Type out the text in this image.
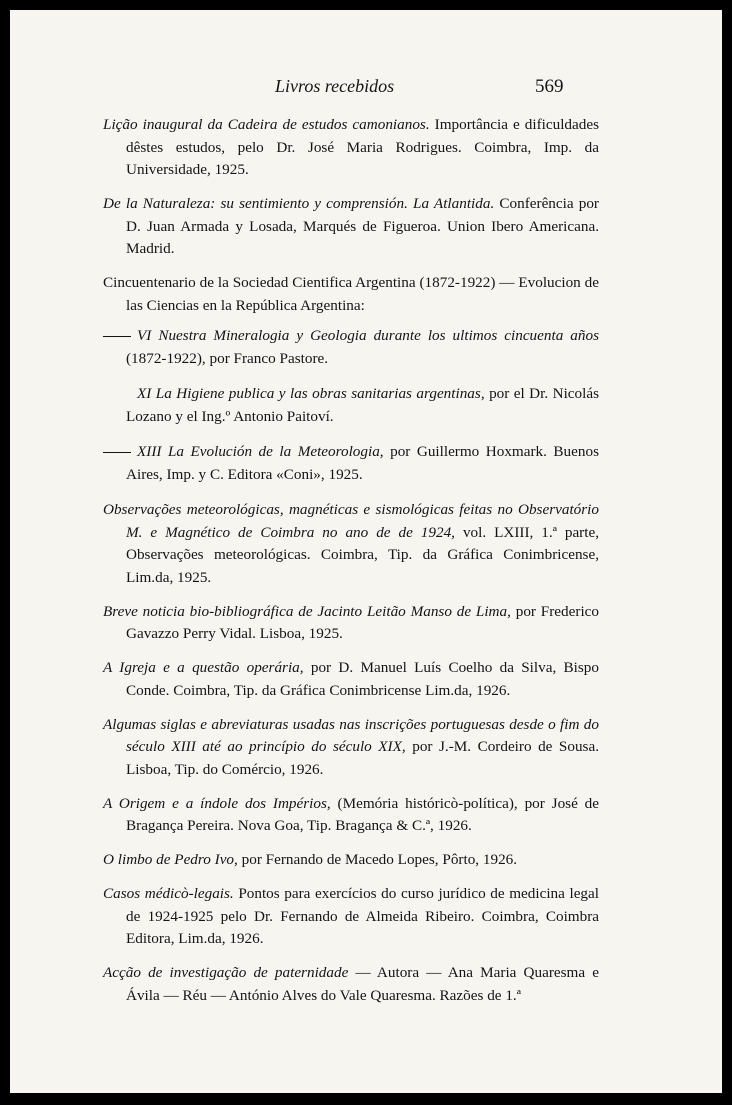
Livros recebidos	569

Lição inaugural da Cadeira de estudos camonianos. Importância e dificuldades dêstes estudos, pelo Dr. José Maria Rodrigues. Coimbra, Imp. da Universidade, 1925.

De la Naturaleza: su sentimiento y comprensión. La Atlantida. Conferência por D. Juan Armada y Losada, Marqués de Figueroa. Union Ibero Americana. Madrid.

Cincuentenario de la Sociedad Cientifica Argentina (1872-1922) — Evolucion de las Ciencias en la República Argentina:

VI Nuestra Mineralogia y Geologia durante los ultimos cincuenta años (1872-1922), por Franco Pastore.

XI La Higiene publica y las obras sanitarias argentinas, por el Dr. Nicolás Lozano y el Ing.º Antonio Paitoví.

XIII La Evolución de la Meteorologia, por Guillermo Hoxmark. Buenos Aires, Imp. y C. Editora «Coni», 1925.

Observações meteorológicas, magnéticas e sismológicas feitas no Observatório M. e Magnético de Coimbra no ano de de 1924, vol. LXIII, 1.ª parte, Observações meteorológicas. Coimbra, Tip. da Gráfica Conimbricense, Lim.da, 1925.

Breve noticia bio-bibliográfica de Jacinto Leitão Manso de Lima, por Frederico Gavazzo Perry Vidal. Lisboa, 1925.

A Igreja e a questão operária, por D. Manuel Luís Coelho da Silva, Bispo Conde. Coimbra, Tip. da Gráfica Conimbricense Lim.da, 1926.

Algumas siglas e abreviaturas usadas nas inscrições portuguesas desde o fim do século XIII até ao princípio do século XIX, por J.-M. Cordeiro de Sousa. Lisboa, Tip. do Comércio, 1926.

A Origem e a índole dos Impérios, (Memória históricò-política), por José de Bragança Pereira. Nova Goa, Tip. Bragança & C.ª, 1926.

O limbo de Pedro Ivo, por Fernando de Macedo Lopes, Pôrto, 1926.

Casos médicò-legais. Pontos para exercícios do curso jurídico de medicina legal de 1924-1925 pelo Dr. Fernando de Almeida Ribeiro. Coimbra, Coimbra Editora, Lim.da, 1926.

Acção de investigação de paternidade — Autora — Ana Maria Quaresma e Ávila — Réu — António Alves do Vale Quaresma. Razões de 1.ª
